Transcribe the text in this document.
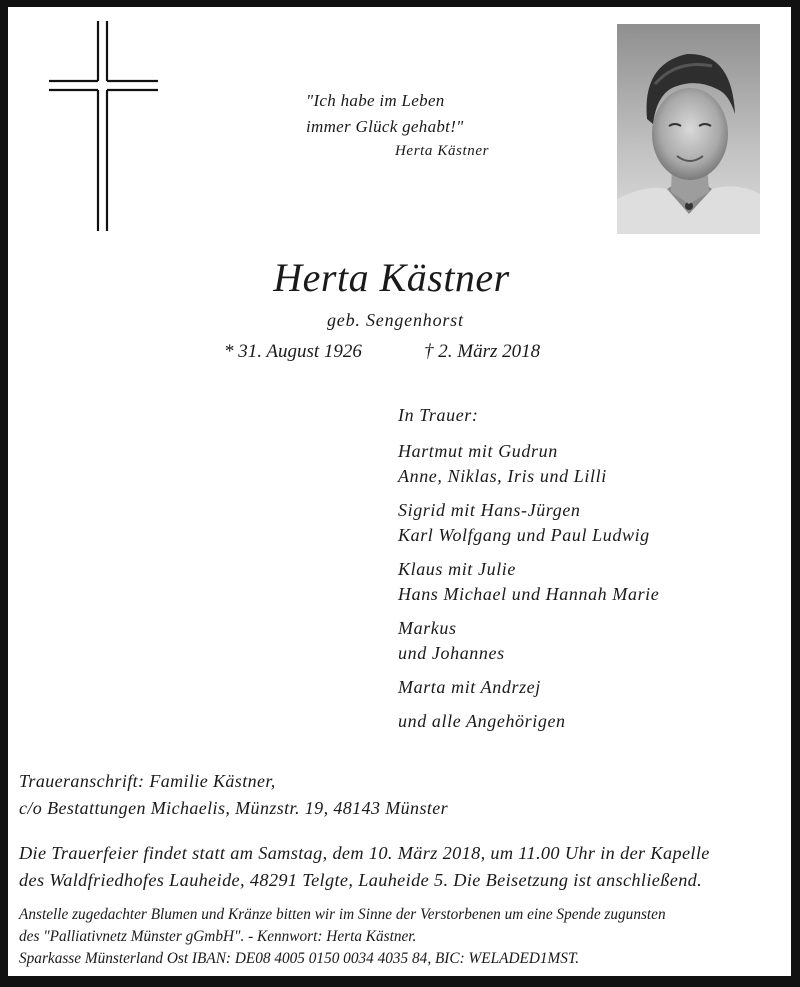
"Ich habe im Leben
immer Glück gehabt!"
Herta Kästner
Herta Kästner
geb. Sengenhorst
* 31. August 1926	† 2. März 2018
In Trauer:
Hartmut mit Gudrun
Anne, Niklas, Iris und Lilli
Sigrid mit Hans-Jürgen
Karl Wolfgang und Paul Ludwig
Klaus mit Julie
Hans Michael und Hannah Marie
Markus
und Johannes
Marta mit Andrzej
und alle Angehörigen
Traueranschrift: Familie Kästner,
c/o Bestattungen Michaelis, Münzstr. 19, 48143 Münster
Die Trauerfeier findet statt am Samstag, dem 10. März 2018, um 11.00 Uhr in der Kapelle
des Waldfriedhofes Lauheide, 48291 Telgte, Lauheide 5. Die Beisetzung ist anschließend.
Anstelle zugedachter Blumen und Kränze bitten wir im Sinne der Verstorbenen um eine Spende zugunsten
des "Palliativnetz Münster gGmbH". - Kennwort: Herta Kästner.
Sparkasse Münsterland Ost IBAN: DE08 4005 0150 0034 4035 84, BIC: WELADED1MST.
